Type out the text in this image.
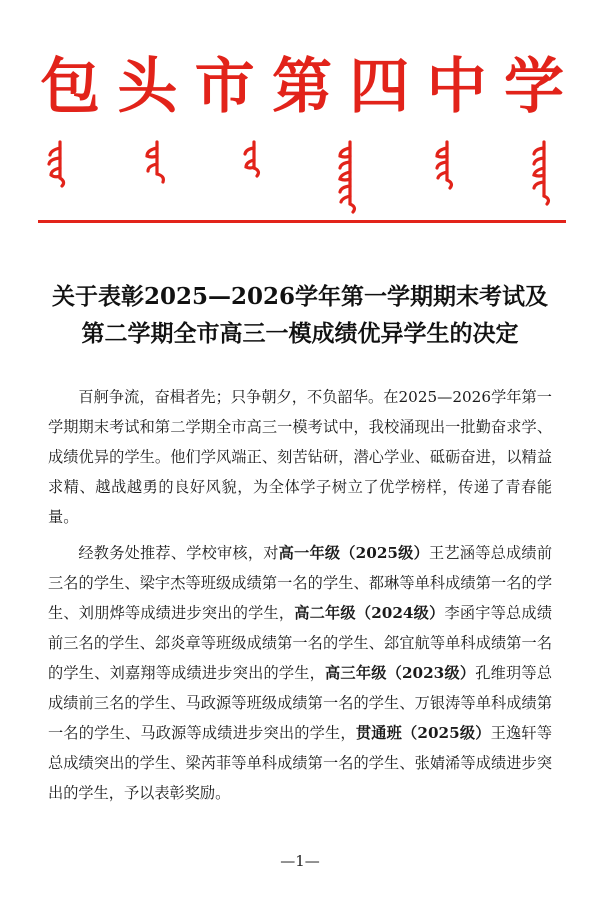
包 头 市 第 四 中 学
关于表彰2025—2026学年第一学期期末考试及
第二学期全市高三一模成绩优异学生的决定

百舸争流，奋楫者先；只争朝夕，不负韶华。在2025—2026学年第一学期期末考试和第二学期全市高三一模考试中，我校涌现出一批勤奋求学、成绩优异的学生。他们学风端正、刻苦钻研，潜心学业、砥砺奋进，以精益求精、越战越勇的良好风貌，为全体学子树立了优学榜样，传递了青春能量。

经教务处推荐、学校审核，对高一年级（2025级）王艺涵等总成绩前三名的学生、梁宇杰等班级成绩第一名的学生、都琳等单科成绩第一名的学生、刘朋烨等成绩进步突出的学生，高二年级（2024级）李函宇等总成绩前三名的学生、郐炎章等班级成绩第一名的学生、郐宜航等单科成绩第一名的学生、刘嘉翔等成绩进步突出的学生，高三年级（2023级）孔维玥等总成绩前三名的学生、马政源等班级成绩第一名的学生、万银涛等单科成绩第一名的学生、马政源等成绩进步突出的学生，贯通班（2025级）王逸轩等总成绩突出的学生、梁芮菲等单科成绩第一名的学生、张婧浠等成绩进步突出的学生，予以表彰奖励。

—1—
